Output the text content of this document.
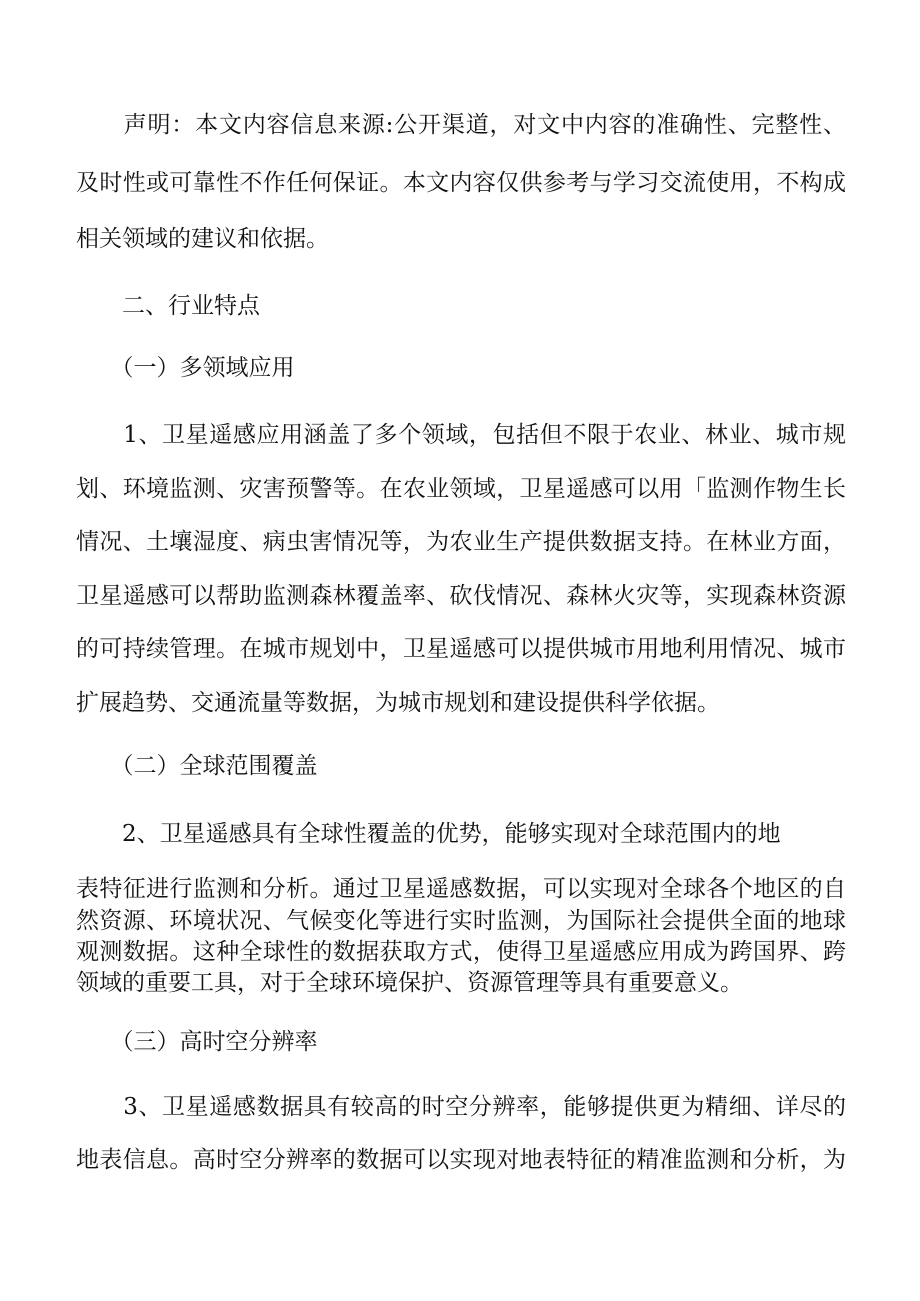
　　声明：本文内容信息来源:公开渠道，对文中内容的准确性、完整性、
及时性或可靠性不作任何保证。本文内容仅供参考与学习交流使用，不构成
相关领域的建议和依据。
　　二、行业特点
　　（一）多领域应用
　　1、卫星遥感应用涵盖了多个领域，包括但不限于农业、林业、城市规
划、环境监测、灾害预警等。在农业领域，卫星遥感可以用「监测作物生长
情况、土壤湿度、病虫害情况等，为农业生产提供数据支持。在林业方面，
卫星遥感可以帮助监测森林覆盖率、砍伐情况、森林火灾等，实现森林资源
的可持续管理。在城市规划中，卫星遥感可以提供城市用地利用情况、城市
扩展趋势、交通流量等数据，为城市规划和建设提供科学依据。
　　（二）全球范围覆盖
　　2、卫星遥感具有全球性覆盖的优势，能够实现对全球范围内的地
表特征进行监测和分析。通过卫星遥感数据，可以实现对全球各个地区的自
然资源、环境状况、气候变化等进行实时监测，为国际社会提供全面的地球
观测数据。这种全球性的数据获取方式，使得卫星遥感应用成为跨国界、跨
领域的重要工具，对于全球环境保护、资源管理等具有重要意义。
　　（三）高时空分辨率
　　3、卫星遥感数据具有较高的时空分辨率，能够提供更为精细、详尽的
地表信息。高时空分辨率的数据可以实现对地表特征的精准监测和分析，为
